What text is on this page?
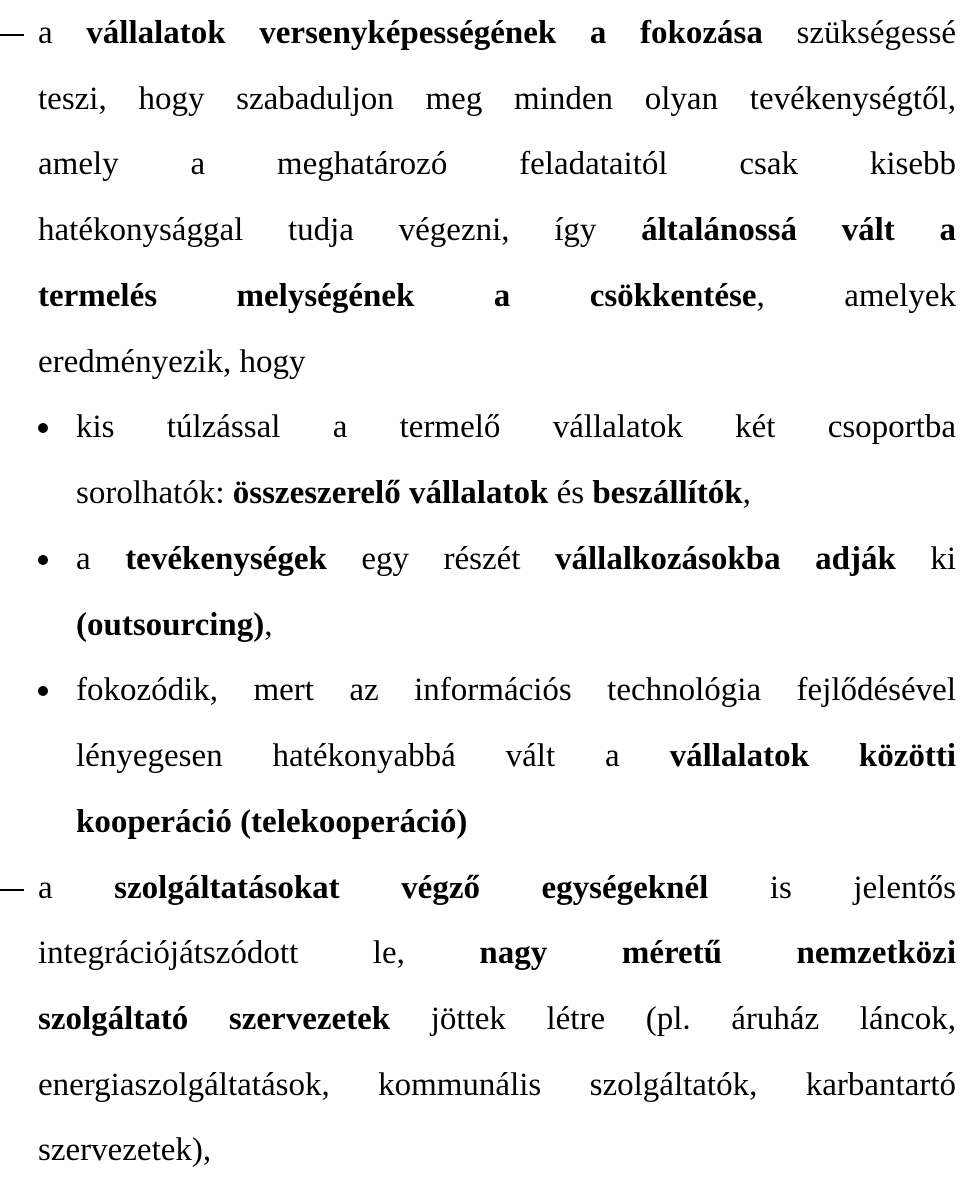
a vállalatok versenyképességének a fokozása szükségessé
teszi, hogy szabaduljon meg minden olyan tevékenységtől,
amely a meghatározó feladataitól csak kisebb
hatékonysággal tudja végezni, így általánossá vált a
termelés melységének a csökkentése, amelyek
eredményezik, hogy
kis túlzással a termelő vállalatok két csoportba
sorolhatók: összeszerelő vállalatok és beszállítók,
a tevékenységek egy részét vállalkozásokba adják ki
(outsourcing),
fokozódik, mert az információs technológia fejlődésével
lényegesen hatékonyabbá vált a vállalatok közötti
kooperáció (telekooperáció)
a szolgáltatásokat végző egységeknél is jelentős
integrációjátszódott le, nagy méretű nemzetközi
szolgáltató szervezetek jöttek létre (pl. áruház láncok,
energiaszolgáltatások, kommunális szolgáltatók, karbantartó
szervezetek),
